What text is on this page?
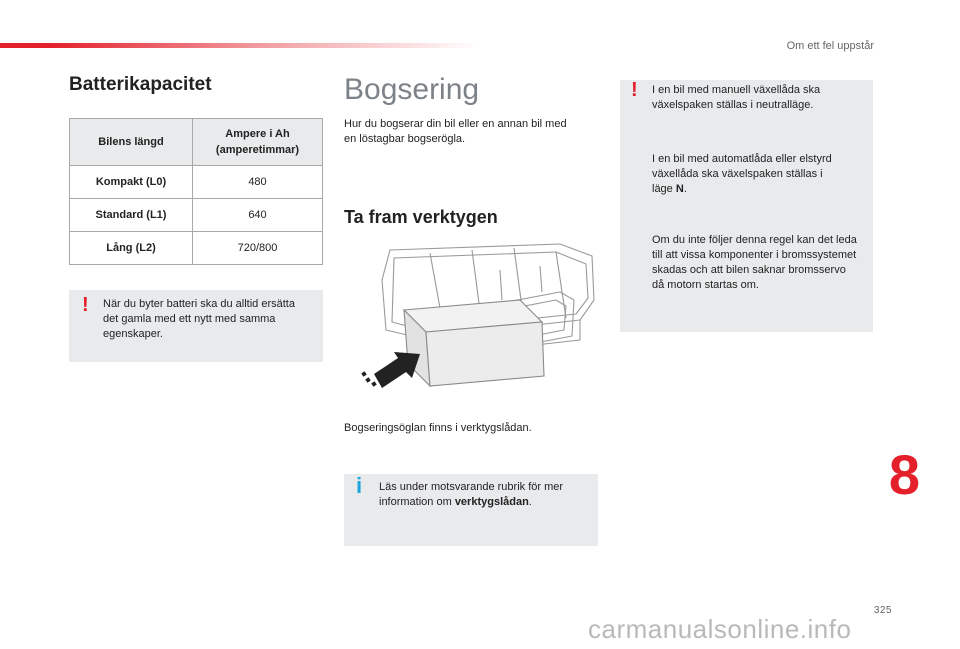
Om ett fel uppstår
Batterikapacitet
Bilens längd	Ampere i Ah
(amperetimmar)
Kompakt (L0)	480
Standard (L1)	640
Lång (L2)	720/800
! När du byter batteri ska du alltid ersätta
det gamla med ett nytt med samma
egenskaper.
Bogsering

Hur du bogserar din bil eller en annan bil med
en löstagbar bogserögla.

Ta fram verktygen

Bogseringsöglan finns i verktygslådan.

i Läs under motsvarande rubrik för mer
information om verktygslådan.
! I en bil med manuell växellåda ska
växelspaken ställas i neutralläge.
I en bil med automatlåda eller elstyrd
växellåda ska växelspaken ställas i
läge N.
Om du inte följer denna regel kan det leda
till att vissa komponenter i bromssystemet
skadas och att bilen saknar bromsservo
då motorn startas om.
8
325
carmanualsonline.info
